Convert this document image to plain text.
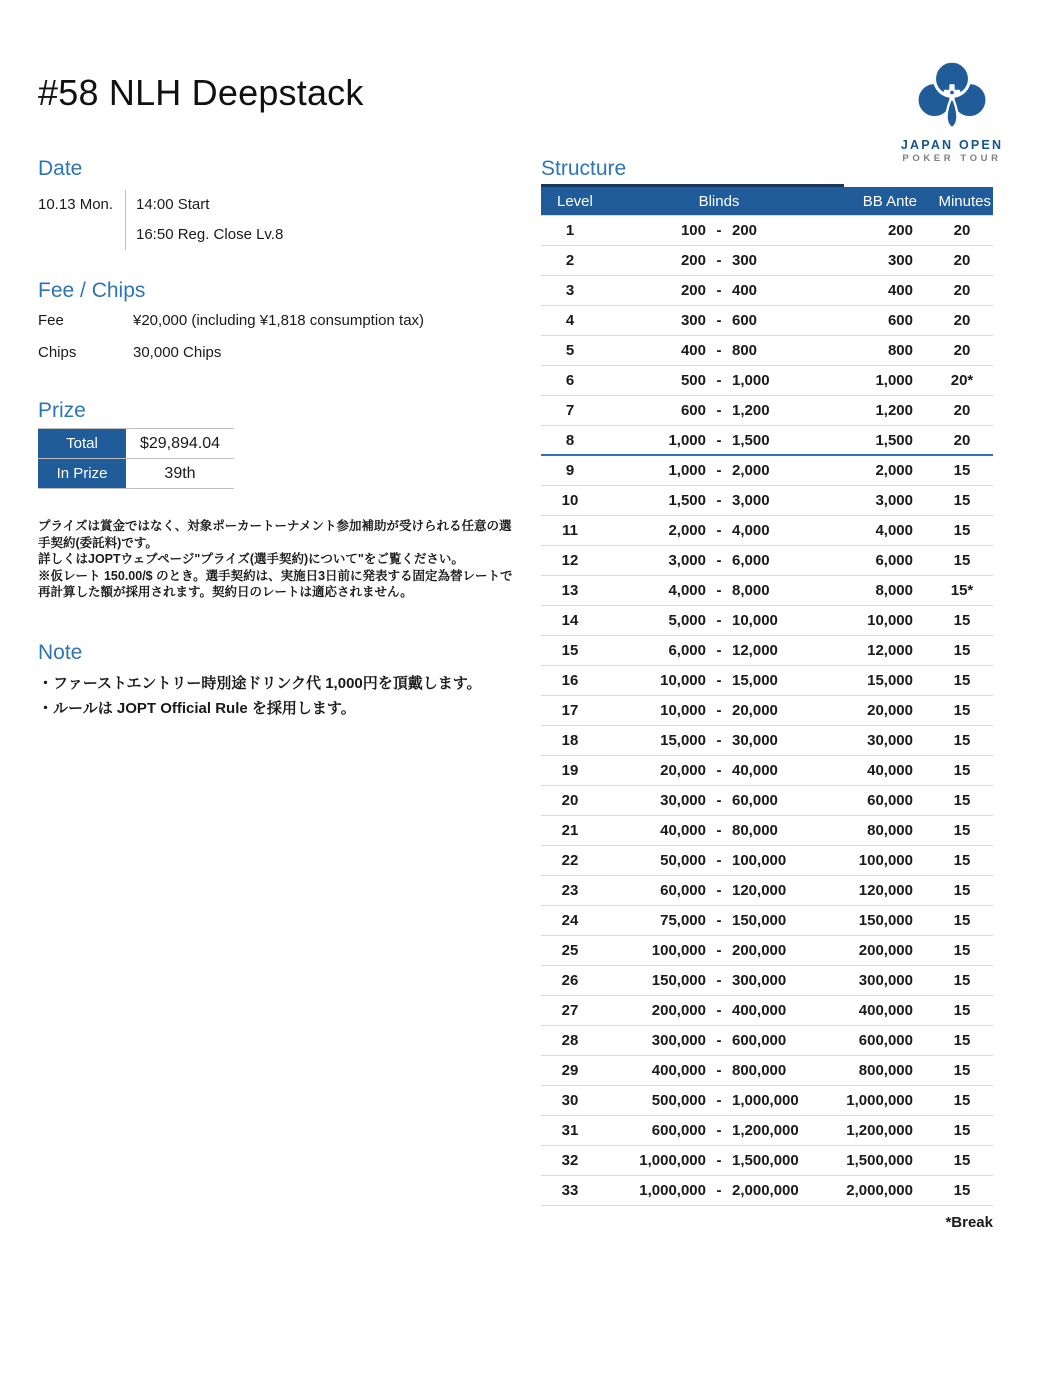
#58 NLH Deepstack
JAPAN OPEN
POKER TOUR
Date
10.13 Mon.	14:00 Start
16:50 Reg. Close Lv.8
Fee / Chips
Fee	¥20,000 (including ¥1,818 consumption tax)
Chips	30,000 Chips
Prize
Total	$29,894.04
In Prize	39th
プライズは賞金ではなく、対象ポーカートーナメント参加補助が受けられる任意の選手契約(委託料)です。
詳しくはJOPTウェブページ"プライズ(選手契約)について"をご覧ください。
※仮レート 150.00/$ のとき。選手契約は、実施日3日前に発表する固定為替レートで再計算した額が採用されます。契約日のレートは適応されません。
Note
・ファーストエントリー時別途ドリンク代 1,000円を頂戴します。
・ルールは JOPT Official Rule を採用します。
Structure
Level	Blinds	BB Ante	Minutes
1	100 - 200	200	20
2	200 - 300	300	20
3	200 - 400	400	20
4	300 - 600	600	20
5	400 - 800	800	20
6	500 - 1,000	1,000	20*
7	600 - 1,200	1,200	20
8	1,000 - 1,500	1,500	20
9	1,000 - 2,000	2,000	15
10	1,500 - 3,000	3,000	15
11	2,000 - 4,000	4,000	15
12	3,000 - 6,000	6,000	15
13	4,000 - 8,000	8,000	15*
14	5,000 - 10,000	10,000	15
15	6,000 - 12,000	12,000	15
16	10,000 - 15,000	15,000	15
17	10,000 - 20,000	20,000	15
18	15,000 - 30,000	30,000	15
19	20,000 - 40,000	40,000	15
20	30,000 - 60,000	60,000	15
21	40,000 - 80,000	80,000	15
22	50,000 - 100,000	100,000	15
23	60,000 - 120,000	120,000	15
24	75,000 - 150,000	150,000	15
25	100,000 - 200,000	200,000	15
26	150,000 - 300,000	300,000	15
27	200,000 - 400,000	400,000	15
28	300,000 - 600,000	600,000	15
29	400,000 - 800,000	800,000	15
30	500,000 - 1,000,000	1,000,000	15
31	600,000 - 1,200,000	1,200,000	15
32	1,000,000 - 1,500,000	1,500,000	15
33	1,000,000 - 2,000,000	2,000,000	15
*Break
